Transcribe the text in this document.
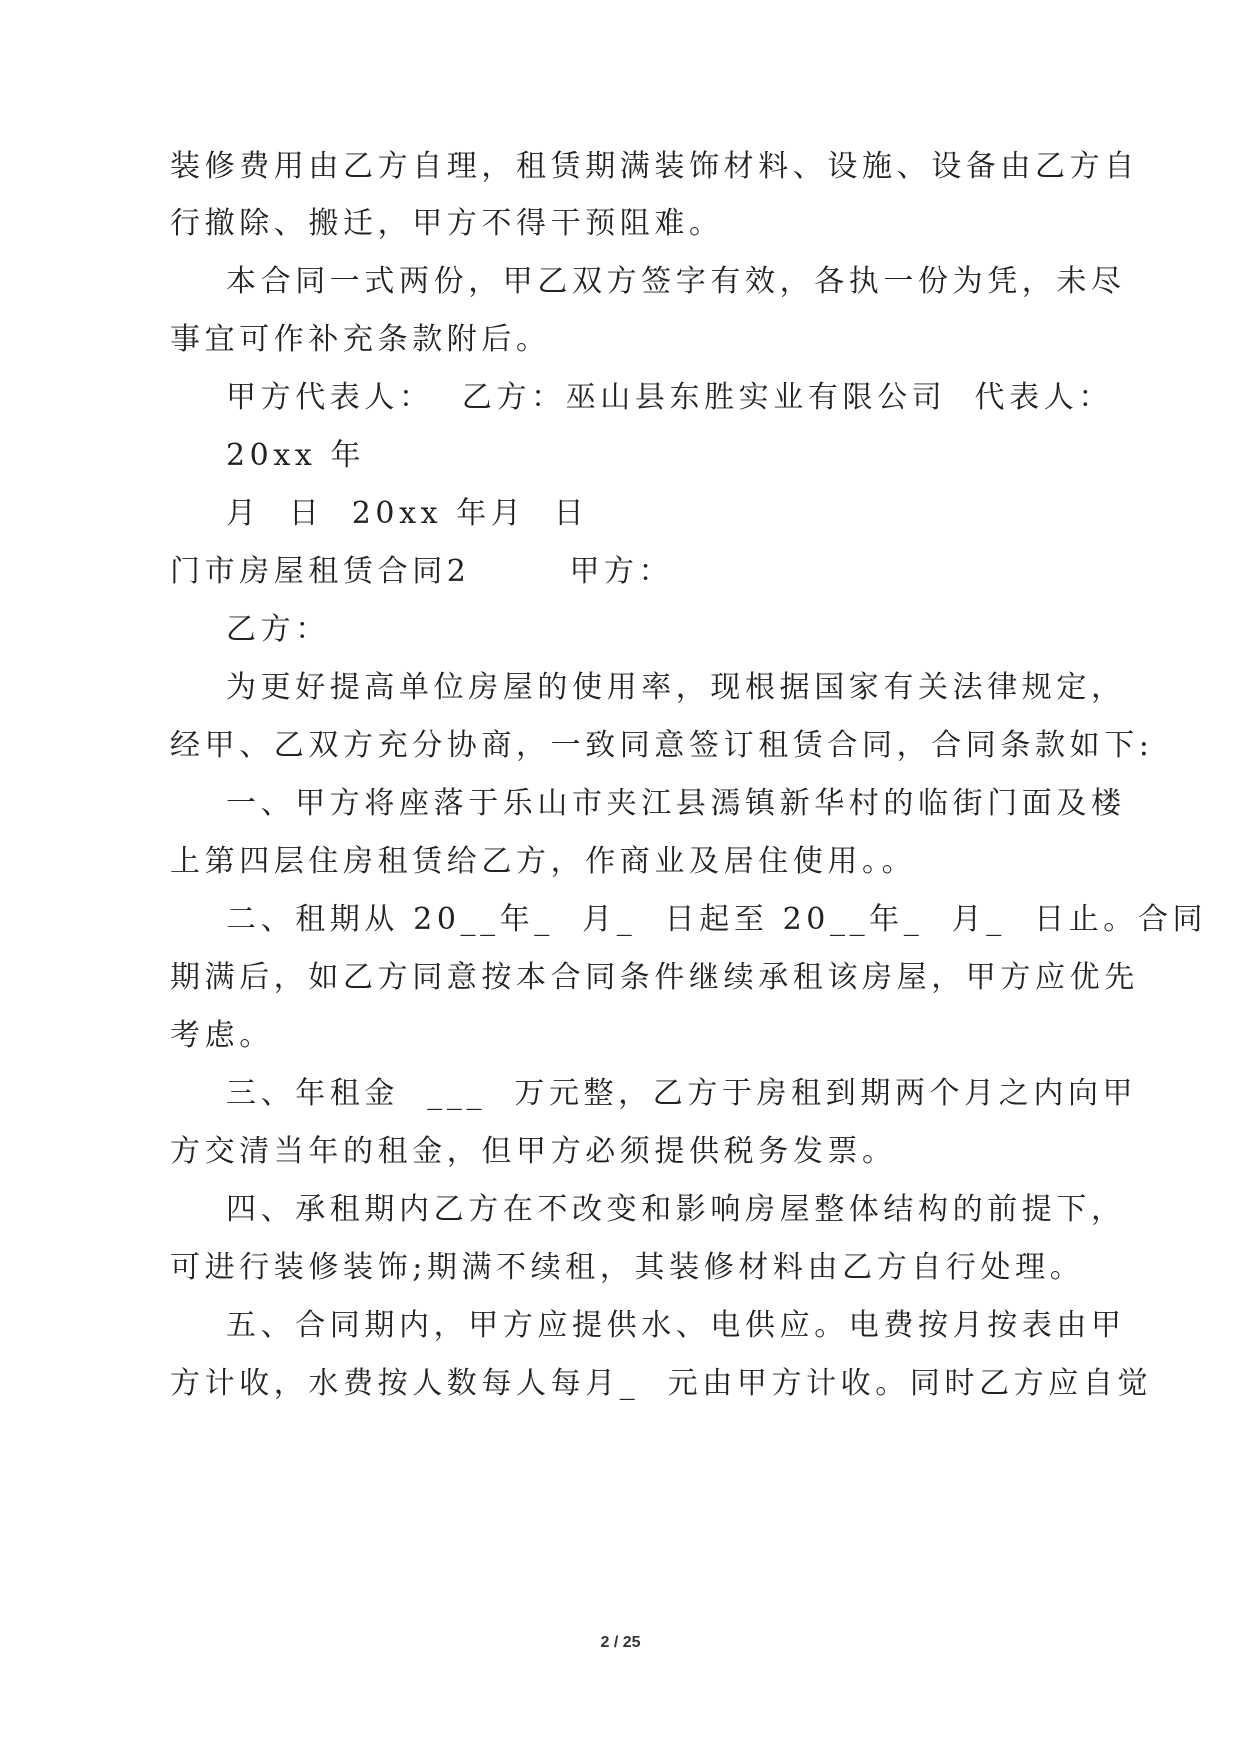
装修费用由乙方自理，租赁期满装饰材料、设施、设备由乙方自
行撤除、搬迁，甲方不得干预阻难。
本合同一式两份，甲乙双方签字有效，各执一份为凭，未尽
事宜可作补充条款附后。
甲方代表人：  乙方：巫山县东胜实业有限公司  代表人：
20xx 年
月  日  20xx 年月  日
门市房屋租赁合同2       甲方：
乙方：
为更好提高单位房屋的使用率，现根据国家有关法律规定，
经甲、乙双方充分协商，一致同意签订租赁合同，合同条款如下:
一、甲方将座落于乐山市夹江县漹镇新华村的临街门面及楼
上第四层住房租赁给乙方，作商业及居住使用。。
二、租期从 20__年_  月_  日起至 20__年_  月_  日止。合同
期满后，如乙方同意按本合同条件继续承租该房屋，甲方应优先
考虑。
三、年租金  ___  万元整，乙方于房租到期两个月之内向甲
方交清当年的租金，但甲方必须提供税务发票。
四、承租期内乙方在不改变和影响房屋整体结构的前提下，
可进行装修装饰;期满不续租，其装修材料由乙方自行处理。
五、合同期内，甲方应提供水、电供应。电费按月按表由甲
方计收，水费按人数每人每月_  元由甲方计收。同时乙方应自觉
2 / 25
